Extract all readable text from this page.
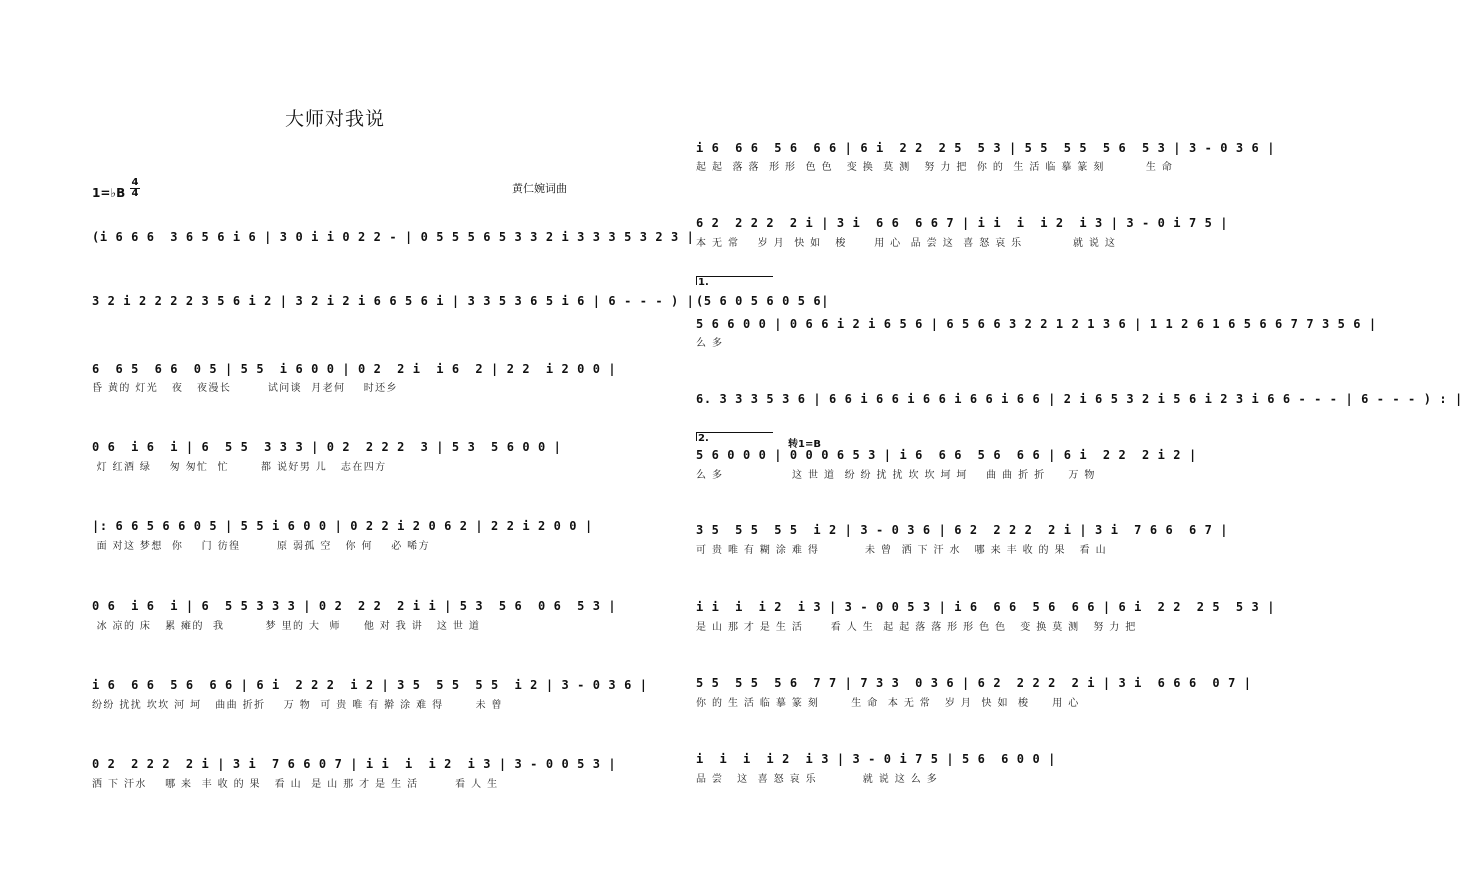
大师对我说
1=♭B
4
4	黄仁婉词曲
(i 6 6 6  3 6 5 6 i 6 | 3 0 i i 0 2 2 - | 0 5 5 5 6 5 3 3 2 i 3 3 3 5 3 2 3 |
3 2 i 2 2 2 2 3 5 6 i 2 | 3 2 i 2 i 6 6 5 6 i | 3 3 5 3 6 5 i 6 | 6 - - - ) |
6  6 5  6 6  0 5 | 5 5  i 6 0 0 | 0 2  2 i  i 6  2 | 2 2  i 2 0 0 |
昏 黄的 灯光   夜   夜漫长        试问谈  月老何    时还乡
0 6  i 6  i | 6  5 5  3 3 3 | 0 2  2 2 2  3 | 5 3  5 6 0 0 |
灯 红酒 绿    匆 匆忙  忙       都 说好男 儿   志在四方
|: 6 6 5 6 6 0 5 | 5 5 i 6 0 0 | 0 2 2 i 2 0 6 2 | 2 2 i 2 0 0 |
面 对这 梦想  你    门 彷徨        原 弱孤 空   你 何    必 唏方
0 6  i 6  i | 6  5 5 3 3 3 | 0 2  2 2  2 i i | 5 3  5 6  0 6  5 3 |
冰 凉的 床   累 瘫的  我         梦 里的 大  师     他 对 我 讲   这 世 道
i 6  6 6  5 6  6 6 | 6 i  2 2 2  i 2 | 3 5  5 5  5 5  i 2 | 3 - 0 3 6 |
纷纷 扰扰 坎坎 河 坷   曲曲 折折    万 物  可 贵 唯 有 擀 涂 难 得       未 曾
0 2  2 2 2  2 i | 3 i  7 6 6 0 7 | i i  i  i 2  i 3 | 3 - 0 0 5 3 |
洒 下 汗水    哪 来  丰 收 的 果   看 山  是 山 那 才 是 生 活        看 人 生
i 6  6 6  5 6  6 6 | 6 i  2 2  2 5  5 3 | 5 5  5 5  5 6  5 3 | 3 - 0 3 6 |
起 起  落 落  形 形  色 色   变 换  莫 测   努 力 把  你 的  生 活 临 摹 篆 刻         生 命
6 2  2 2 2  2 i | 3 i  6 6  6 6 7 | i i  i  i 2  i 3 | 3 - 0 i 7 5 |
本 无 常    岁 月  快 如   梭      用 心  品 尝 这  喜 怒 哀 乐           就 说 这
1.
(5 6 0 5 6 0 5 6|
5 6 6 0 0 | 0 6 6 i 2 i 6 5 6 | 6 5 6 6 3 2 2 1 2 1 3 6 | 1 1 2 6 1 6 5 6 6 7 7 3 5 6 |
么 多
6. 3 3 3 5 3 6 | 6 6 i 6 6 i 6 6 i 6 6 i 6 6 | 2 i 6 5 3 2 i 5 6 i 2 3 i 6 6 - - - | 6 - - - ) : |
2.
转1=B
5 6 0 0 0 | 0 0 0 6 5 3 | i 6  6 6  5 6  6 6 | 6 i  2 2  2 i 2 |
么 多               这 世 道  纷 纷 扰 扰 坎 坎 坷 坷    曲 曲 折 折     万 物
3 5  5 5  5 5  i 2 | 3 - 0 3 6 | 6 2  2 2 2  2 i | 3 i  7 6 6  6 7 |
可 贵 唯 有 糊 涂 难 得          未 曾  洒 下 汗 水   哪 来 丰 收 的 果   看 山
i i  i  i 2  i 3 | 3 - 0 0 5 3 | i 6  6 6  5 6  6 6 | 6 i  2 2  2 5  5 3 |
是 山 那 才 是 生 活      看 人 生  起 起 落 落 形 形 色 色   变 换 莫 测   努 力 把
5 5  5 5  5 6  7 7 | 7 3 3  0 3 6 | 6 2  2 2 2  2 i | 3 i  6 6 6  0 7 |
你 的 生 活 临 摹 篆 刻       生 命  本 无 常   岁 月  快 如  梭     用 心
i  i  i  i 2  i 3 | 3 - 0 i 7 5 | 5 6  6 0 0 |
品 尝   这  喜 怒 哀 乐          就 说 这 么 多
